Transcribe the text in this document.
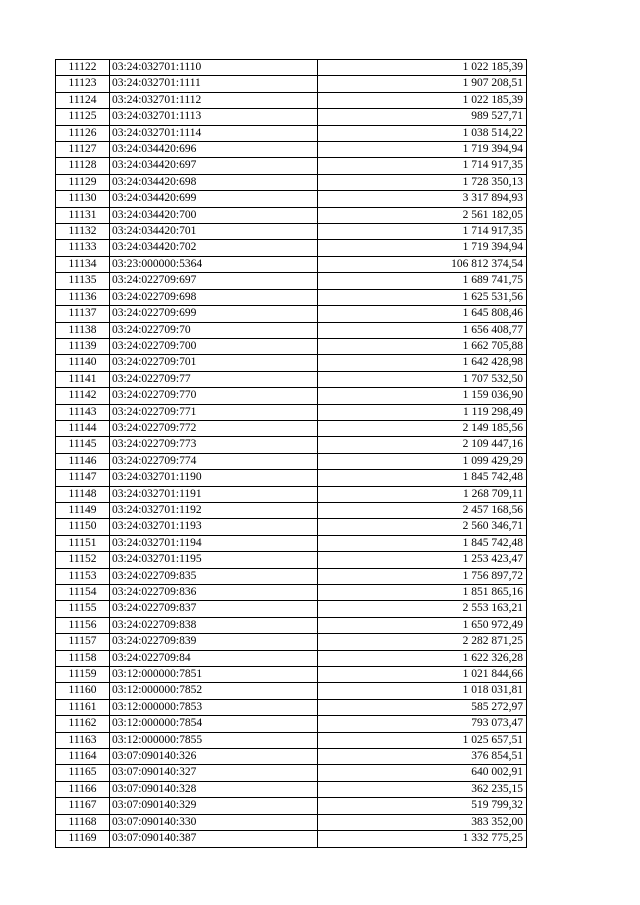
11122	03:24:032701:1110	1 022 185,39
11123	03:24:032701:1111	1 907 208,51
11124	03:24:032701:1112	1 022 185,39
11125	03:24:032701:1113	989 527,71
11126	03:24:032701:1114	1 038 514,22
11127	03:24:034420:696	1 719 394,94
11128	03:24:034420:697	1 714 917,35
11129	03:24:034420:698	1 728 350,13
11130	03:24:034420:699	3 317 894,93
11131	03:24:034420:700	2 561 182,05
11132	03:24:034420:701	1 714 917,35
11133	03:24:034420:702	1 719 394,94
11134	03:23:000000:5364	106 812 374,54
11135	03:24:022709:697	1 689 741,75
11136	03:24:022709:698	1 625 531,56
11137	03:24:022709:699	1 645 808,46
11138	03:24:022709:70	1 656 408,77
11139	03:24:022709:700	1 662 705,88
11140	03:24:022709:701	1 642 428,98
11141	03:24:022709:77	1 707 532,50
11142	03:24:022709:770	1 159 036,90
11143	03:24:022709:771	1 119 298,49
11144	03:24:022709:772	2 149 185,56
11145	03:24:022709:773	2 109 447,16
11146	03:24:022709:774	1 099 429,29
11147	03:24:032701:1190	1 845 742,48
11148	03:24:032701:1191	1 268 709,11
11149	03:24:032701:1192	2 457 168,56
11150	03:24:032701:1193	2 560 346,71
11151	03:24:032701:1194	1 845 742,48
11152	03:24:032701:1195	1 253 423,47
11153	03:24:022709:835	1 756 897,72
11154	03:24:022709:836	1 851 865,16
11155	03:24:022709:837	2 553 163,21
11156	03:24:022709:838	1 650 972,49
11157	03:24:022709:839	2 282 871,25
11158	03:24:022709:84	1 622 326,28
11159	03:12:000000:7851	1 021 844,66
11160	03:12:000000:7852	1 018 031,81
11161	03:12:000000:7853	585 272,97
11162	03:12:000000:7854	793 073,47
11163	03:12:000000:7855	1 025 657,51
11164	03:07:090140:326	376 854,51
11165	03:07:090140:327	640 002,91
11166	03:07:090140:328	362 235,15
11167	03:07:090140:329	519 799,32
11168	03:07:090140:330	383 352,00
11169	03:07:090140:387	1 332 775,25
